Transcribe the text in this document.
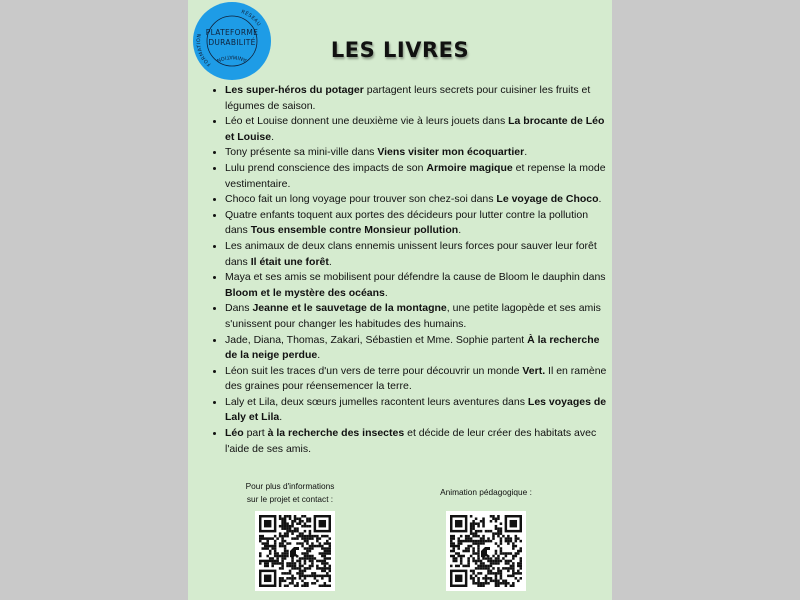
FORMATION
RÉSEAU
ANIMATION
PLATEFORME DURABILITÉ	LES LIVRES
• Les super-héros du potager partagent leurs secrets pour cuisiner les fruits et légumes de saison.
• Léo et Louise donnent une deuxième vie à leurs jouets dans La brocante de Léo et Louise.
• Tony présente sa mini-ville dans Viens visiter mon écoquartier.
• Lulu prend conscience des impacts de son Armoire magique et repense la mode vestimentaire.
• Choco fait un long voyage pour trouver son chez-soi dans Le voyage de Choco.
• Quatre enfants toquent aux portes des décideurs pour lutter contre la pollution dans Tous ensemble contre Monsieur pollution.
• Les animaux de deux clans ennemis unissent leurs forces pour sauver leur forêt dans Il était une forêt.
• Maya et ses amis se mobilisent pour défendre la cause de Bloom le dauphin dans Bloom et le mystère des océans.
• Dans Jeanne et le sauvetage de la montagne, une petite lagopède et ses amis s'unissent pour changer les habitudes des humains.
• Jade, Diana, Thomas, Zakari, Sébastien et Mme. Sophie partent À la recherche de la neige perdue.
• Léon suit les traces d'un vers de terre pour découvrir un monde Vert. Il en ramène des graines pour réensemencer la terre.
• Laly et Lila, deux sœurs jumelles racontent leurs aventures dans Les voyages de Laly et Lila.
• Léo part à la recherche des insectes et décide de leur créer des habitats avec l'aide de ses amis.
Pour plus d'informations
sur le projet et contact :
Animation pédagogique :
